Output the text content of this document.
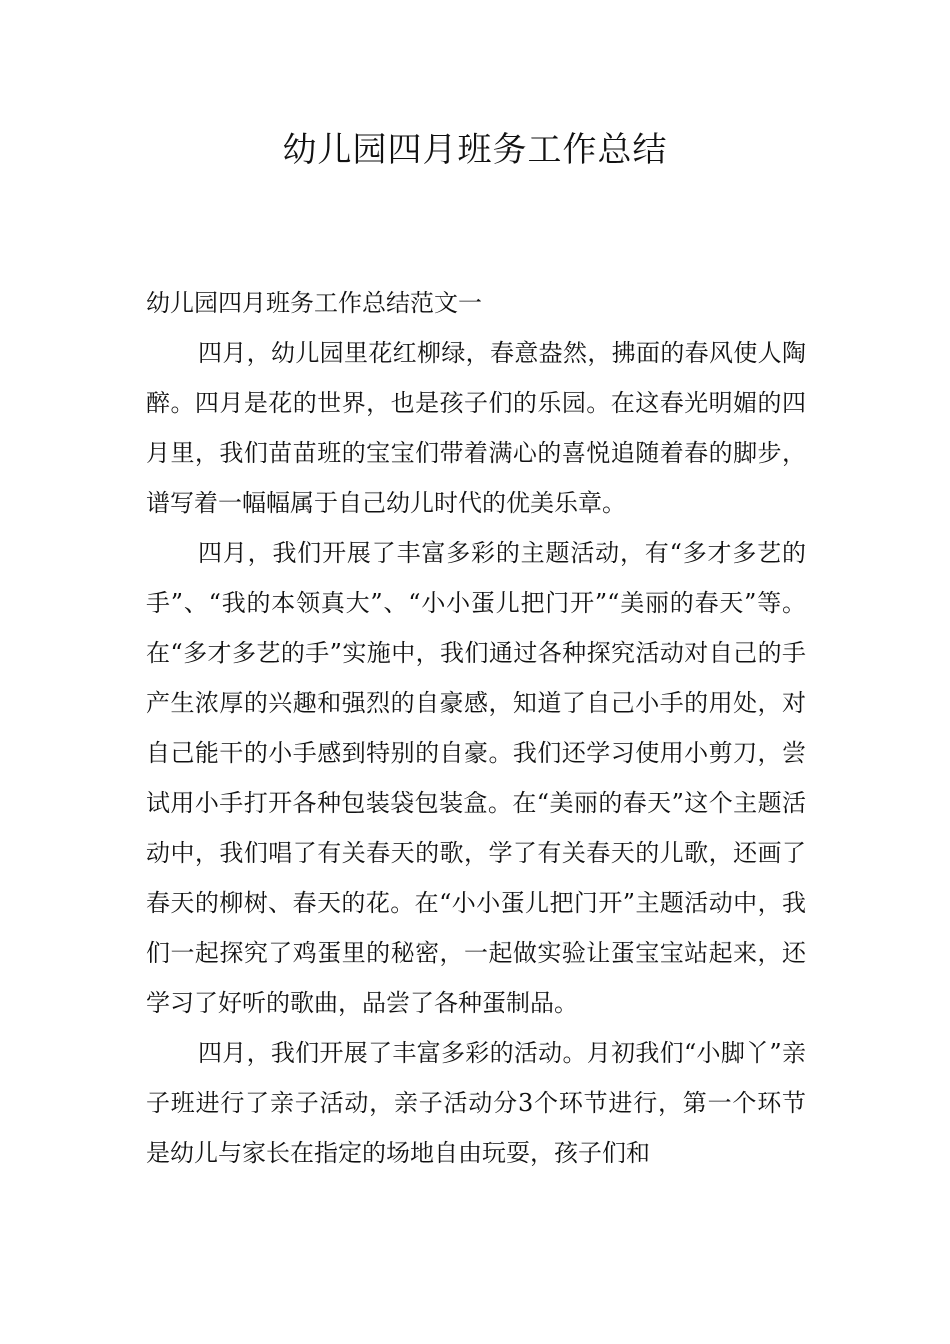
幼儿园四月班务工作总结

幼儿园四月班务工作总结范文一

四月，幼儿园里花红柳绿，春意盎然，拂面的春风使人陶醉。四月是花的世界，也是孩子们的乐园。在这春光明媚的四月里，我们苗苗班的宝宝们带着满心的喜悦追随着春的脚步，谱写着一幅幅属于自己幼儿时代的优美乐章。

四月，我们开展了丰富多彩的主题活动，有“多才多艺的手”、“我的本领真大”、“小小蛋儿把门开”“美丽的春天”等。在“多才多艺的手”实施中，我们通过各种探究活动对自己的手产生浓厚的兴趣和强烈的自豪感，知道了自己小手的用处，对自己能干的小手感到特别的自豪。我们还学习使用小剪刀，尝试用小手打开各种包装袋包装盒。在“美丽的春天”这个主题活动中，我们唱了有关春天的歌，学了有关春天的儿歌，还画了春天的柳树、春天的花。在“小小蛋儿把门开”主题活动中，我们一起探究了鸡蛋里的秘密，一起做实验让蛋宝宝站起来，还学习了好听的歌曲，品尝了各种蛋制品。

四月，我们开展了丰富多彩的活动。月初我们“小脚丫”亲子班进行了亲子活动，亲子活动分3个环节进行，第一个环节是幼儿与家长在指定的场地自由玩耍，孩子们和
